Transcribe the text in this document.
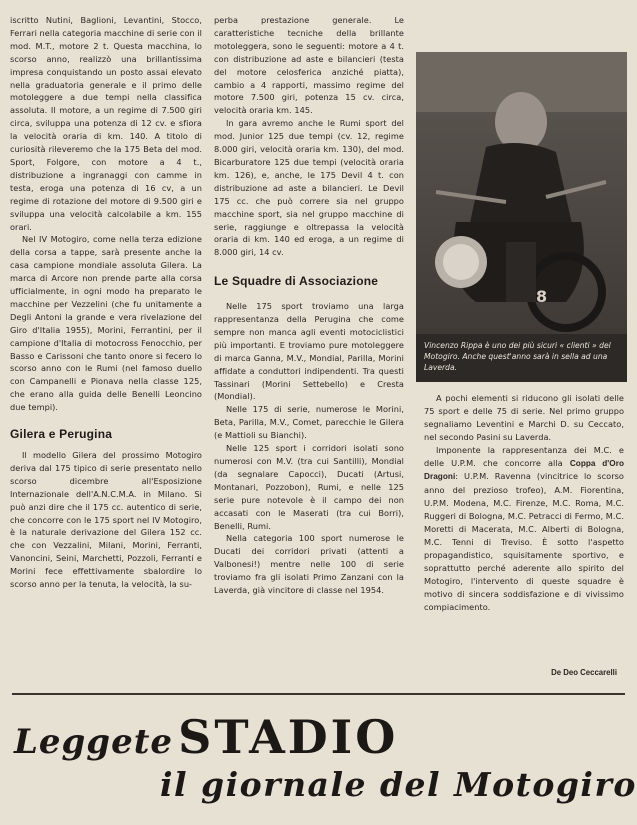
iscritto Nutini, Baglioni, Levantini, Stocco, Ferrari nella categoria macchine di serie con il mod. M.T., motore 2 t. Questa macchina, lo scorso anno, realizzò una brillantissima impresa conquistando un posto assai elevato nella graduatoria generale e il primo delle motoleggere a due tempi nella classifica assoluta. Il motore, a un regime di 7.500 giri circa, sviluppa una potenza di 12 cv. e sfiora la velocità oraria di km. 140. A titolo di curiosità rileveremo che la 175 Beta del mod. Sport, Folgore, con motore a 4 t., distribuzione a ingranaggi con camme in testa, eroga una potenza di 16 cv, a un regime di rotazione del motore di 9.500 giri e sviluppa una velocità calcolabile a km. 155 orari.

Nel IV Motogiro, come nella terza edizione della corsa a tappe, sarà presente anche la casa campione mondiale assoluta Gilera. La marca di Arcore non prende parte alla corsa ufficialmente, in ogni modo ha preparato le macchine per Vezzelini (che fu unitamente a Degli Antoni la grande e vera rivelazione del Giro d'Italia 1955), Morini, Ferrantini, per il campione d'Italia di motocross Fenocchio, per Basso e Carissoni che tanto onore si fecero lo scorso anno con le Rumi (nel famoso duello con Campanelli e Pionava nella classe 125, che erano alla guida delle Benelli Leoncino due tempi).

Gilera e Perugina

Il modello Gilera del prossimo Motogiro deriva dal 175 tipico di serie presentato nello scorso dicembre all'Esposizione Internazionale dell'A.N.C.M.A. in Milano. Si può anzi dire che il 175 cc. autentico di serie, che concorre con le 175 sport nel IV Motogiro, è la naturale derivazione del Gilera 152 cc. che con Vezzalini, Milani, Morini, Ferranti, Vanoncini, Seini, Marchetti, Pozzoli, Ferranti e Morini fece effettivamente sbalordire lo scorso anno per la tenuta, la velocità, la su-

perba prestazione generale. Le caratteristiche tecniche della brillante motoleggera, sono le seguenti: motore a 4 t. con distribuzione ad aste e bilancieri (testa del motore celosferica anziché piatta), cambio a 4 rapporti, massimo regime del motore 7.500 giri, potenza 15 cv. circa, velocità oraria km. 145.

In gara avremo anche le Rumi sport del mod. Junior 125 due tempi (cv. 12, regime 8.000 giri, velocità oraria km. 130), del mod. Bicarburatore 125 due tempi (velocità oraria km. 126), e, anche, le 175 Devil 4 t. con distribuzione ad aste a bilancieri. Le Devil 175 cc. che può correre sia nel gruppo macchine sport, sia nel gruppo macchine di serie, raggiunge e oltrepassa la velocità oraria di km. 140 ed eroga, a un regime di 8.000 giri, 14 cv.

Le Squadre di Associazione

Nelle 175 sport troviamo una larga rappresentanza della Perugina che come sempre non manca agli eventi motociclistici più importanti. E troviamo pure motoleggere di marca Ganna, M.V., Mondial, Parilla, Morini affidate a conduttori indipendenti. Tra questi Tassinari (Morini Settebello) e Cresta (Mondial).

Nelle 175 di serie, numerose le Morini, Beta, Parilla, M.V., Comet, parecchie le Gilera (e Mattioli su Bianchi).

Nelle 125 sport i corridori isolati sono numerosi con M.V. (tra cui Santilli), Mondial (da segnalare Capocci), Ducati (Artusi, Montanari, Pozzobon), Rumi, e nelle 125 serie pure notevole è il campo dei non accasati con le Maserati (tra cui Borri), Benelli, Rumi.

Nella categoria 100 sport numerose le Ducati dei corridori privati (attenti a Valbonesi!) mentre nelle 100 di serie troviamo fra gli isolati Primo Zanzani con la Laverda, già vincitore di classe nel 1954.

8
Vincenzo Rippa è uno dei più sicuri « clienti » del Motogiro. Anche quest'anno sarà in sella ad una Laverda.

A pochi elementi si riducono gli isolati delle 75 sport e delle 75 di serie. Nel primo gruppo segnaliamo Leventini e Marchi D. su Ceccato, nel secondo Pasini su Laverda.

Imponente la rappresentanza dei M.C. e delle U.P.M. che concorre alla Coppa d'Oro Dragoni: U.P.M. Ravenna (vincitrice lo scorso anno del prezioso trofeo), A.M. Fiorentina, U.P.M. Modena, M.C. Firenze, M.C. Roma, M.C. Ruggeri di Bologna, M.C. Petracci di Fermo, M.C. Moretti di Macerata, M.C. Alberti di Bologna, M.C. Tenni di Treviso. È sotto l'aspetto propagandistico, squisitamente sportivo, e soprattutto perché aderente allo spirito del Motogiro, l'intervento di queste squadre è motivo di sincera soddisfazione e di vivissimo compiacimento.

De Deo Ceccarelli
Leggete STADIO
il giornale del Motogiro
